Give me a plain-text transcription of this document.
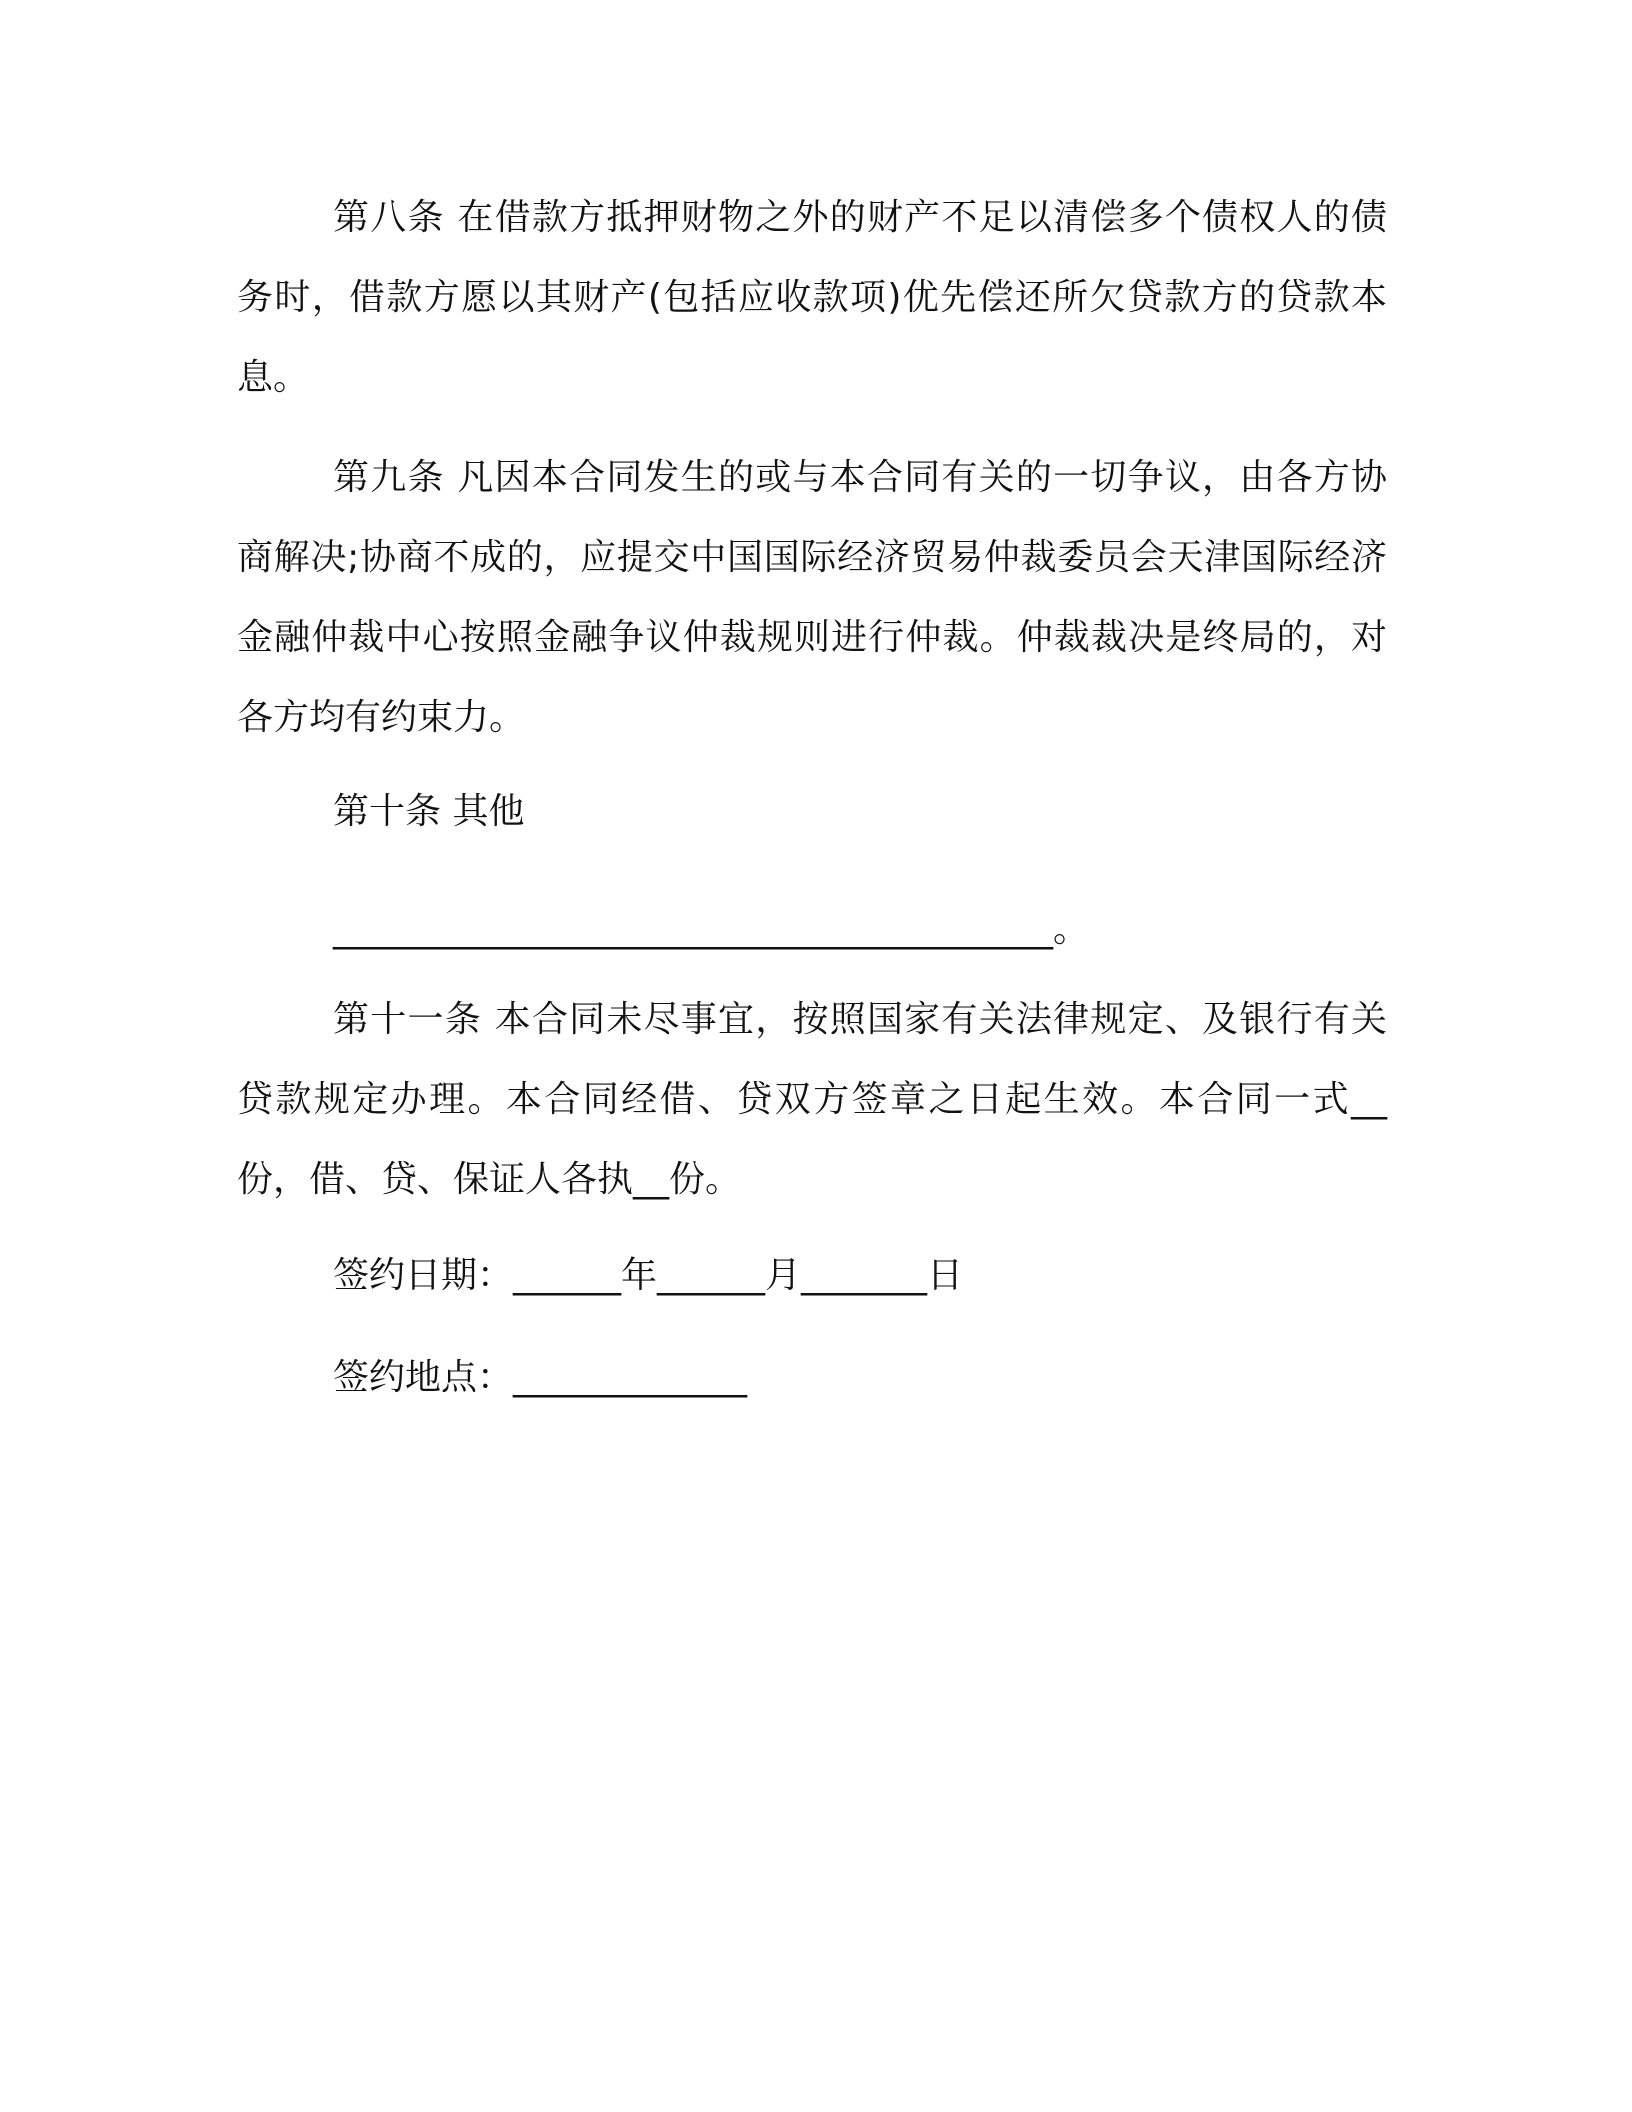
第八条 在借款方抵押财物之外的财产不足以清偿多个债权人的债务时，借款方愿以其财产(包括应收款项)优先偿还所欠贷款方的贷款本息。

第九条 凡因本合同发生的或与本合同有关的一切争议，由各方协商解决;协商不成的，应提交中国国际经济贸易仲裁委员会天津国际经济金融仲裁中心按照金融争议仲裁规则进行仲裁。仲裁裁决是终局的，对各方均有约束力。

第十条 其他

________________________________________。

第十一条 本合同未尽事宜，按照国家有关法律规定、及银行有关贷款规定办理。本合同经借、贷双方签章之日起生效。本合同一式__份，借、贷、保证人各执__份。

签约日期：______年______月_______日

签约地点：_____________
